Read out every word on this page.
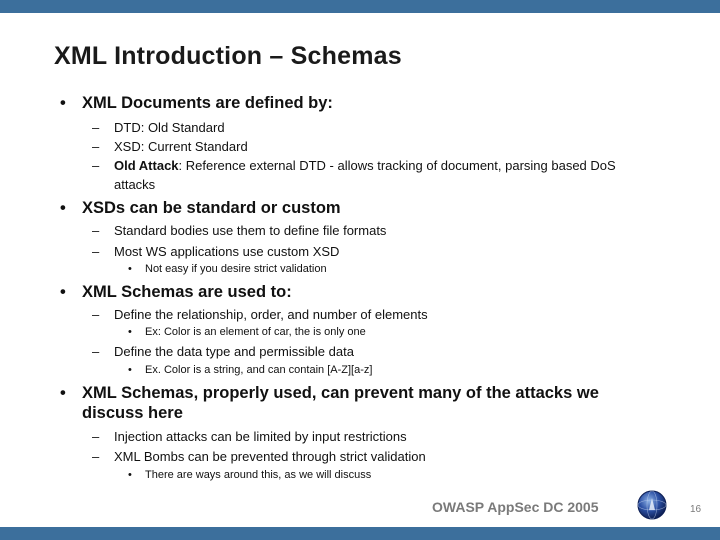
XML Introduction – Schemas
• XML Documents are defined by:
– DTD: Old Standard
– XSD: Current Standard
– Old Attack: Reference external DTD - allows tracking of document, parsing based DoS
attacks
• XSDs can be standard or custom
– Standard bodies use them to define file formats
– Most WS applications use custom XSD
• Not easy if you desire strict validation
• XML Schemas are used to:
– Define the relationship, order, and number of elements
• Ex: Color is an element of car, the is only one
– Define the data type and permissible data
• Ex. Color is a string, and can contain [A-Z][a-z]
• XML Schemas, properly used, can prevent many of the attacks we
discuss here
– Injection attacks can be limited by input restrictions
– XML Bombs can be prevented through strict validation
• There are ways around this, as we will discuss
OWASP AppSec DC 2005	16
